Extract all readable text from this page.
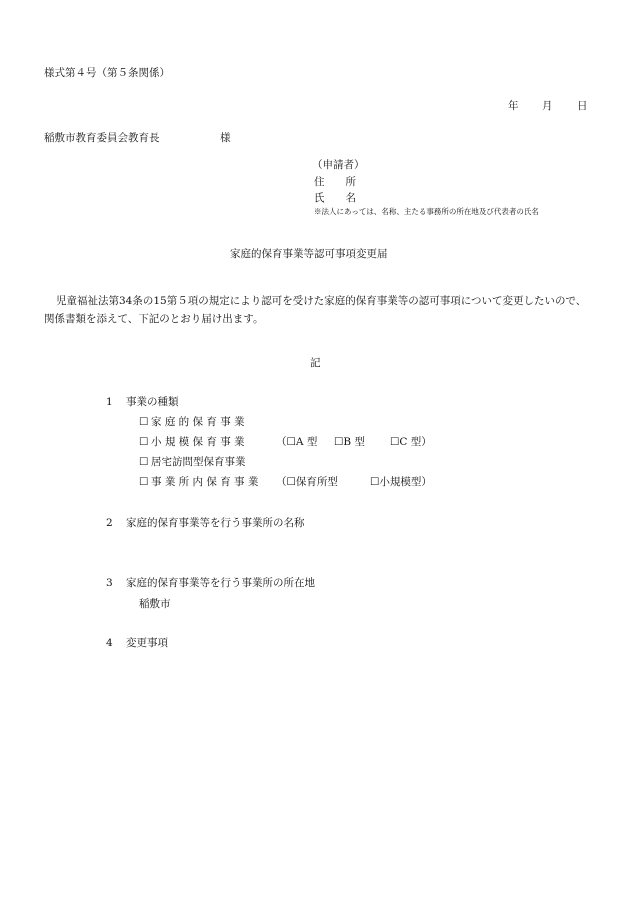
様式第４号（第５条関係）
年 月 日
稲敷市教育委員会教育長	様
（申請者）
住　　所
氏　　名
※法人にあっては、名称、主たる事務所の所在地及び代表者の氏名
家庭的保育事業等認可事項変更届
児童福祉法第34条の15第５項の規定により認可を受けた家庭的保育事業等の認可事項について変更したいので、関係書類を添えて、下記のとおり届け出ます。
記
1 事業の種類
☐ 家 庭 的 保 育 事 業
☐ 小 規 模 保 育 事 業	（☐A 型 ☐B 型 ☐C 型）
☐ 居宅訪問型保育事業
☐ 事 業 所 内 保 育 事 業 （☐保育所型	☐小規模型）
2 家庭的保育事業等を行う事業所の名称
3 家庭的保育事業等を行う事業所の所在地
稲敷市
4 変更事項
